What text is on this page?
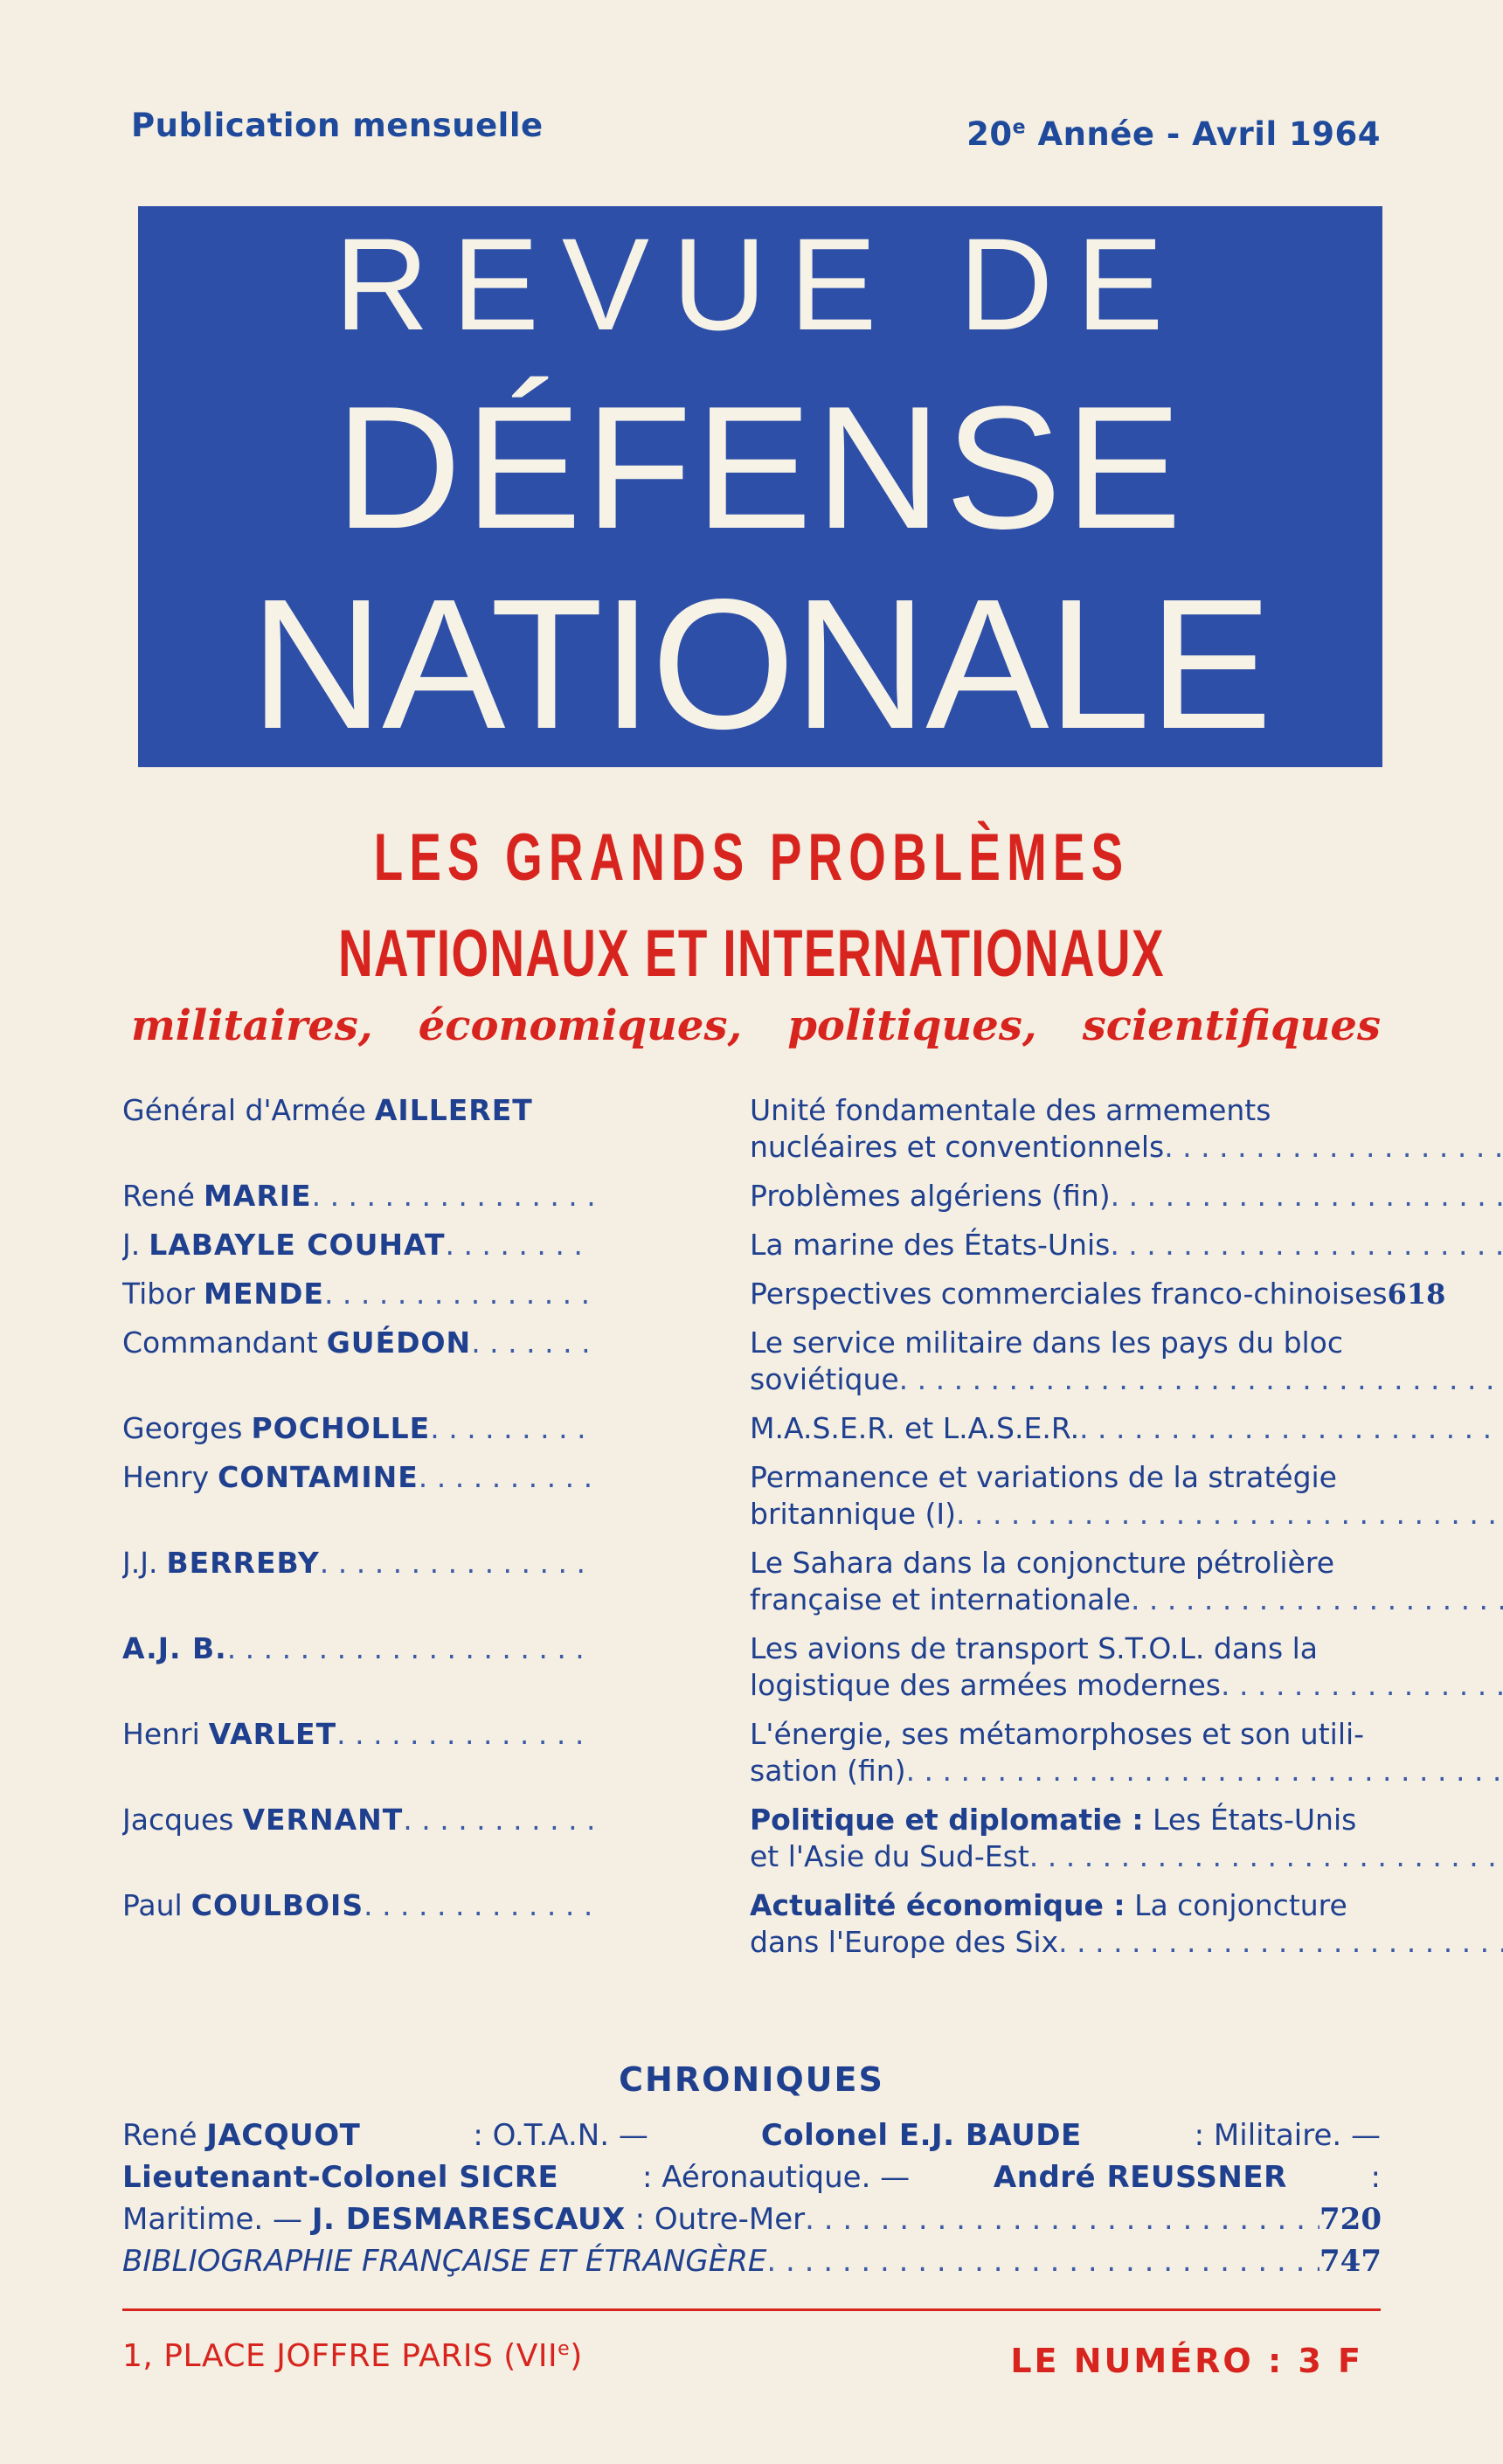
Publication mensuelle	20e Année - Avril 1964
REVUE DE
DÉFENSE
NATIONALE
LES GRANDS PROBLÈMES
NATIONAUX ET INTERNATIONAUX
militaires, économiques, politiques, scientifiques
Général d'Armée AILLERET	Unité fondamentale des armements
nucléaires et conventionnels
. . .
René MARIE . . .	Problèmes algériens (fin)
. . .
J. LABAYLE COUHAT . . .	La marine des États-Unis
. . .
Tibor MENDE . . .	Perspectives commerciales franco-chinoises 618
Commandant GUÉDON . . .	Le service militaire dans les pays du bloc
soviétique
. . .
Georges POCHOLLE . . .	M.A.S.E.R. et L.A.S.E.R.
. . .
Henry CONTAMINE . . .	Permanence et variations de la stratégie
britannique (I)
. . .
J.J. BERREBY . . .	Le Sahara dans la conjoncture pétrolière
française et internationale
. . .
A.J. B. . . .	Les avions de transport S.T.O.L. dans la
logistique des armées modernes
. . .
Henri VARLET . . .	L'énergie, ses métamorphoses et son utili-
sation (fin)
. . .
Jacques VERNANT . . .	Politique et diplomatie : Les États-Unis
et l'Asie du Sud-Est
. . .
Paul COULBOIS . . .	Actualité économique : La conjoncture
dans l'Europe des Six
. . .
CHRONIQUES
René JACQUOT	: O.T.A.N. —	Colonel E.J. BAUDE	: Militaire. —
Lieutenant-Colonel SICRE	: Aéronautique. —	André REUSSNER	:
Maritime. —
J. DESMARESCAUX
: Outre-Mer . . .	720
BIBLIOGRAPHIE FRANÇAISE ET ÉTRANGÈRE . . .	747
1, PLACE JOFFRE PARIS (VIIe)	LE NUMÉRO : 3 F
